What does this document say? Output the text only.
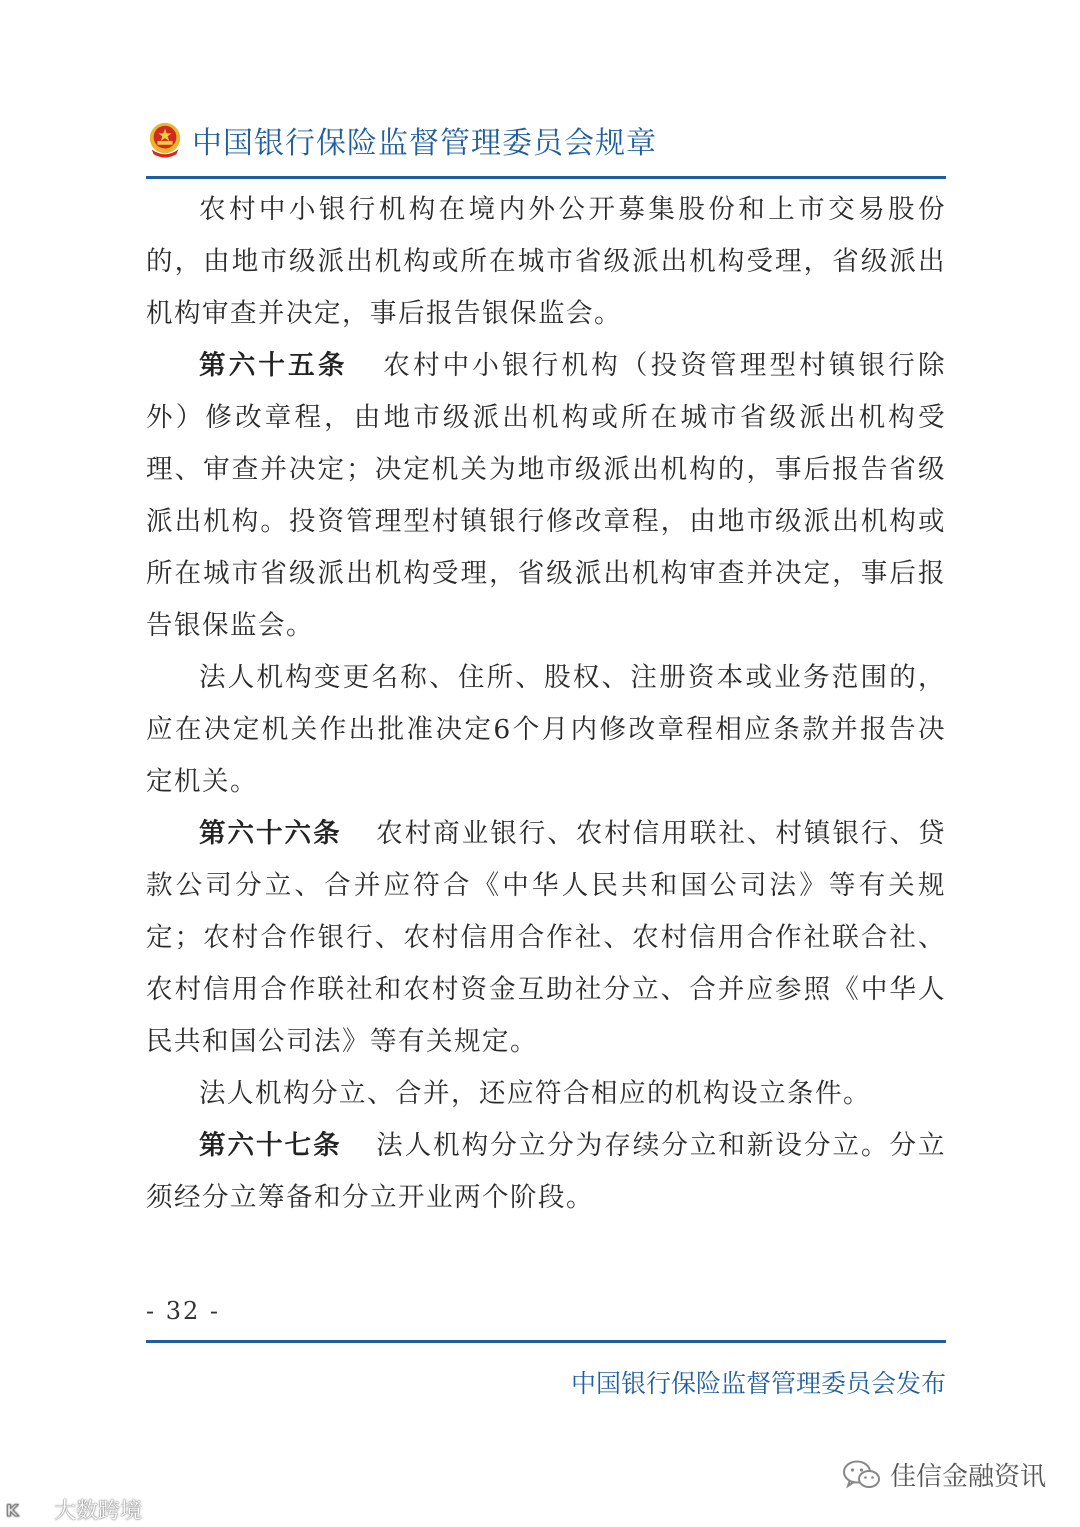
中国银行保险监督管理委员会规章

农村中小银行机构在境内外公开募集股份和上市交易股份的，由地市级派出机构或所在城市省级派出机构受理，省级派出机构审查并决定，事后报告银保监会。

第六十五条 农村中小银行机构（投资管理型村镇银行除外）修改章程，由地市级派出机构或所在城市省级派出机构受理、审查并决定；决定机关为地市级派出机构的，事后报告省级派出机构。投资管理型村镇银行修改章程，由地市级派出机构或所在城市省级派出机构受理，省级派出机构审查并决定，事后报告银保监会。

法人机构变更名称、住所、股权、注册资本或业务范围的，应在决定机关作出批准决定6个月内修改章程相应条款并报告决定机关。

第六十六条 农村商业银行、农村信用联社、村镇银行、贷款公司分立、合并应符合《中华人民共和国公司法》等有关规定；农村合作银行、农村信用合作社、农村信用合作社联合社、农村信用合作联社和农村资金互助社分立、合并应参照《中华人民共和国公司法》等有关规定。

法人机构分立、合并，还应符合相应的机构设立条件。

第六十七条 法人机构分立分为存续分立和新设分立。分立须经分立筹备和分立开业两个阶段。

- 32 -
中国银行保险监督管理委员会发布
佳信金融资讯
K 大数跨境
